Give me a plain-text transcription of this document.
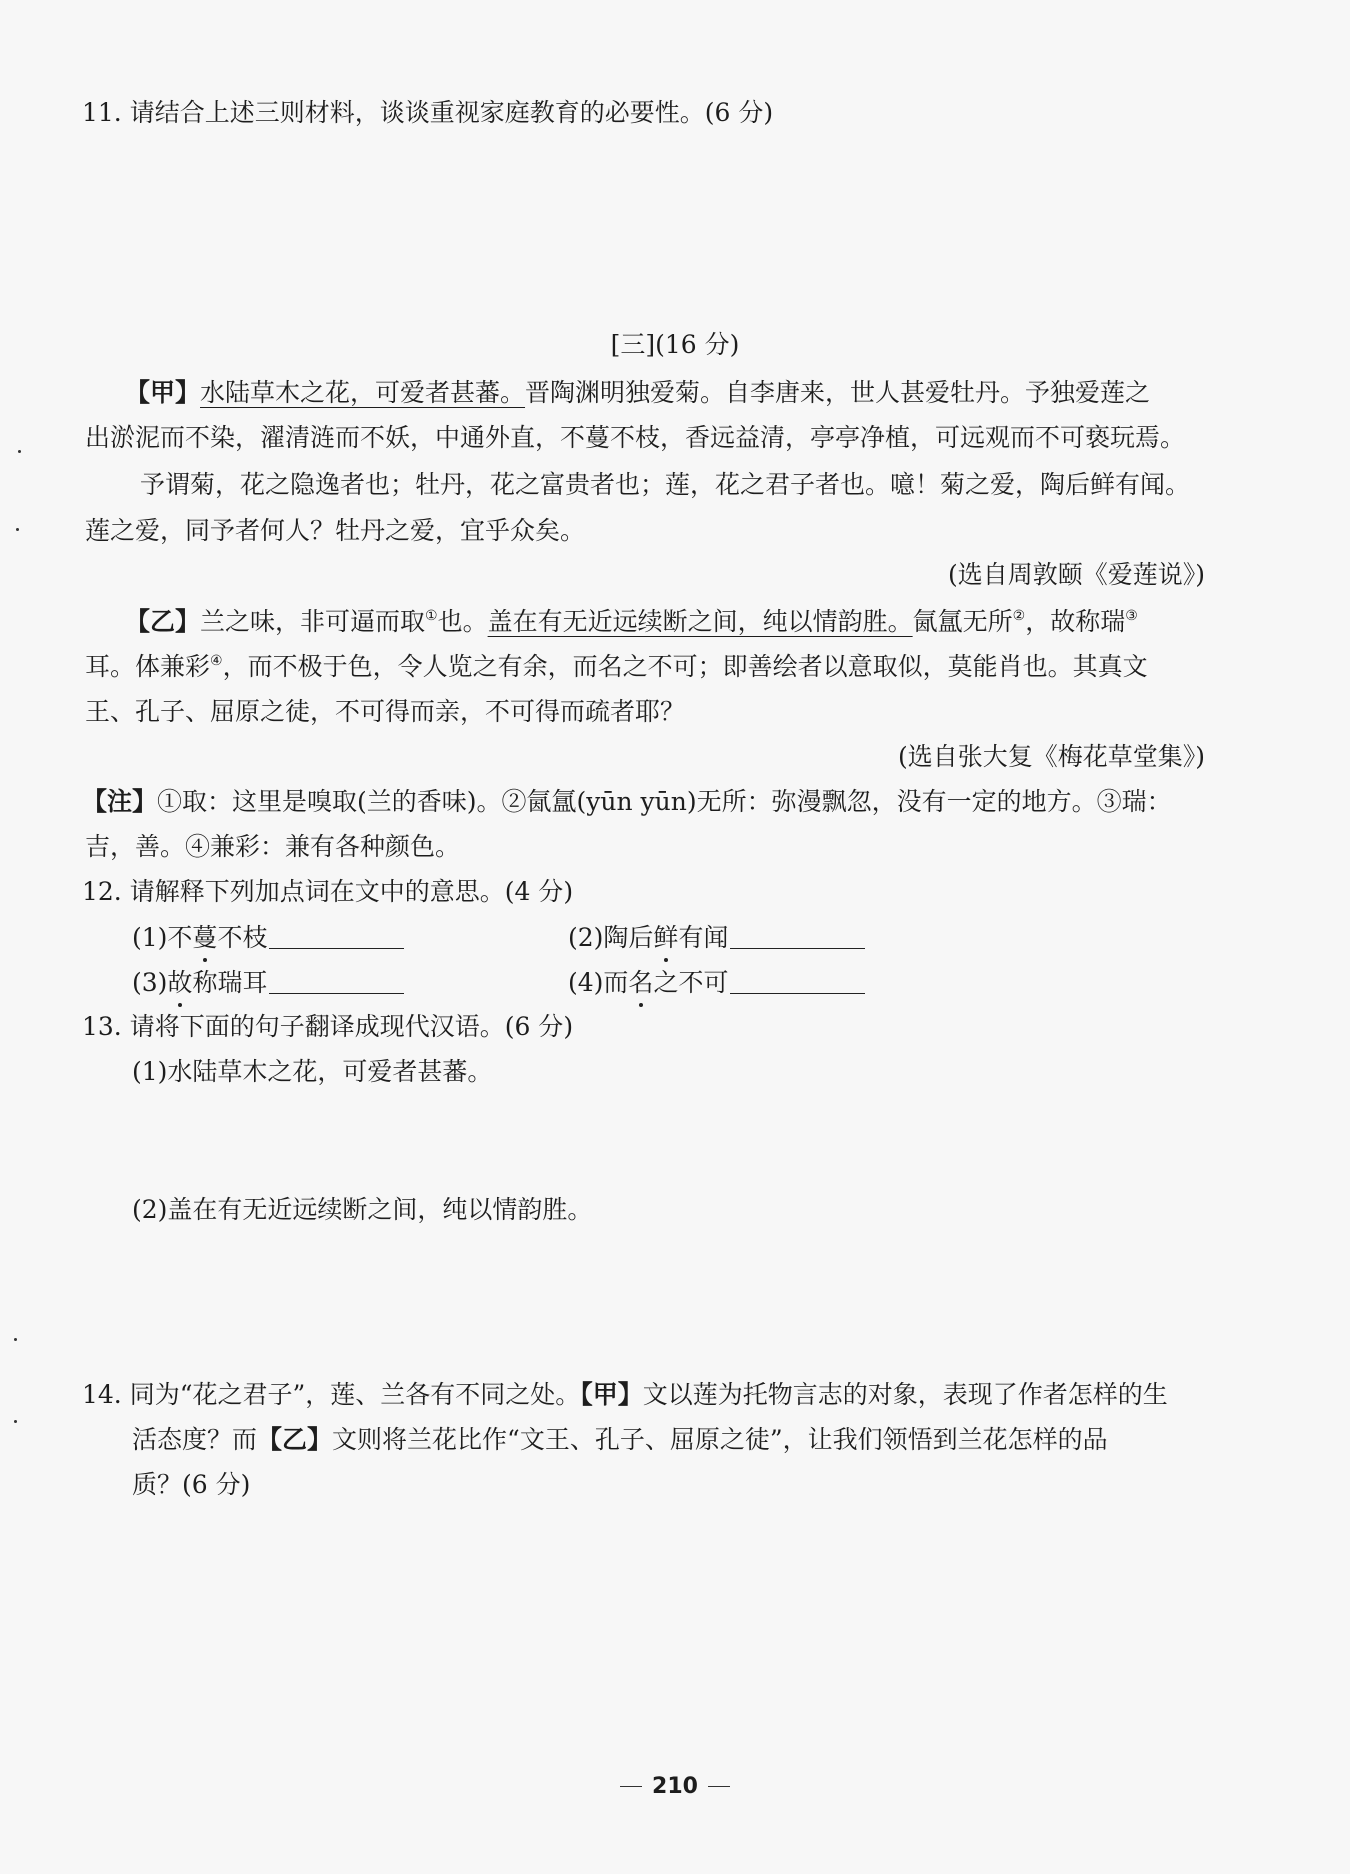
11. 请结合上述三则材料，谈谈重视家庭教育的必要性。(6 分)
[三](16 分)
【甲】水陆草木之花，可爱者甚蕃。晋陶渊明独爱菊。自李唐来，世人甚爱牡丹。予独爱莲之
出淤泥而不染，濯清涟而不妖，中通外直，不蔓不枝，香远益清，亭亭净植，可远观而不可亵玩焉。
予谓菊，花之隐逸者也；牡丹，花之富贵者也；莲，花之君子者也。噫！菊之爱，陶后鲜有闻。
莲之爱，同予者何人？牡丹之爱，宜乎众矣。
(选自周敦颐《爱莲说》)
【乙】兰之味，非可逼而取①也。盖在有无近远续断之间，纯以情韵胜。氤氲无所②，故称瑞③
耳。体兼彩④，而不极于色，令人览之有余，而名之不可；即善绘者以意取似，莫能肖也。其真文
王、孔子、屈原之徒，不可得而亲，不可得而疏者耶？
(选自张大复《梅花草堂集》)
【注】①取：这里是嗅取(兰的香味)。②氤氲(yūn yūn)无所：弥漫飘忽，没有一定的地方。③瑞：
吉，善。④兼彩：兼有各种颜色。
12. 请解释下列加点词在文中的意思。(4 分)
(1)不蔓不枝	(2)陶后鲜有闻
(3)故称瑞耳	(4)而名之不可
13. 请将下面的句子翻译成现代汉语。(6 分)
(1)水陆草木之花，可爱者甚蕃。
(2)盖在有无近远续断之间，纯以情韵胜。
14. 同为“花之君子”，莲、兰各有不同之处。【甲】文以莲为托物言志的对象，表现了作者怎样的生
活态度？而【乙】文则将兰花比作“文王、孔子、屈原之徒”，让我们领悟到兰花怎样的品
质？(6 分)
210
